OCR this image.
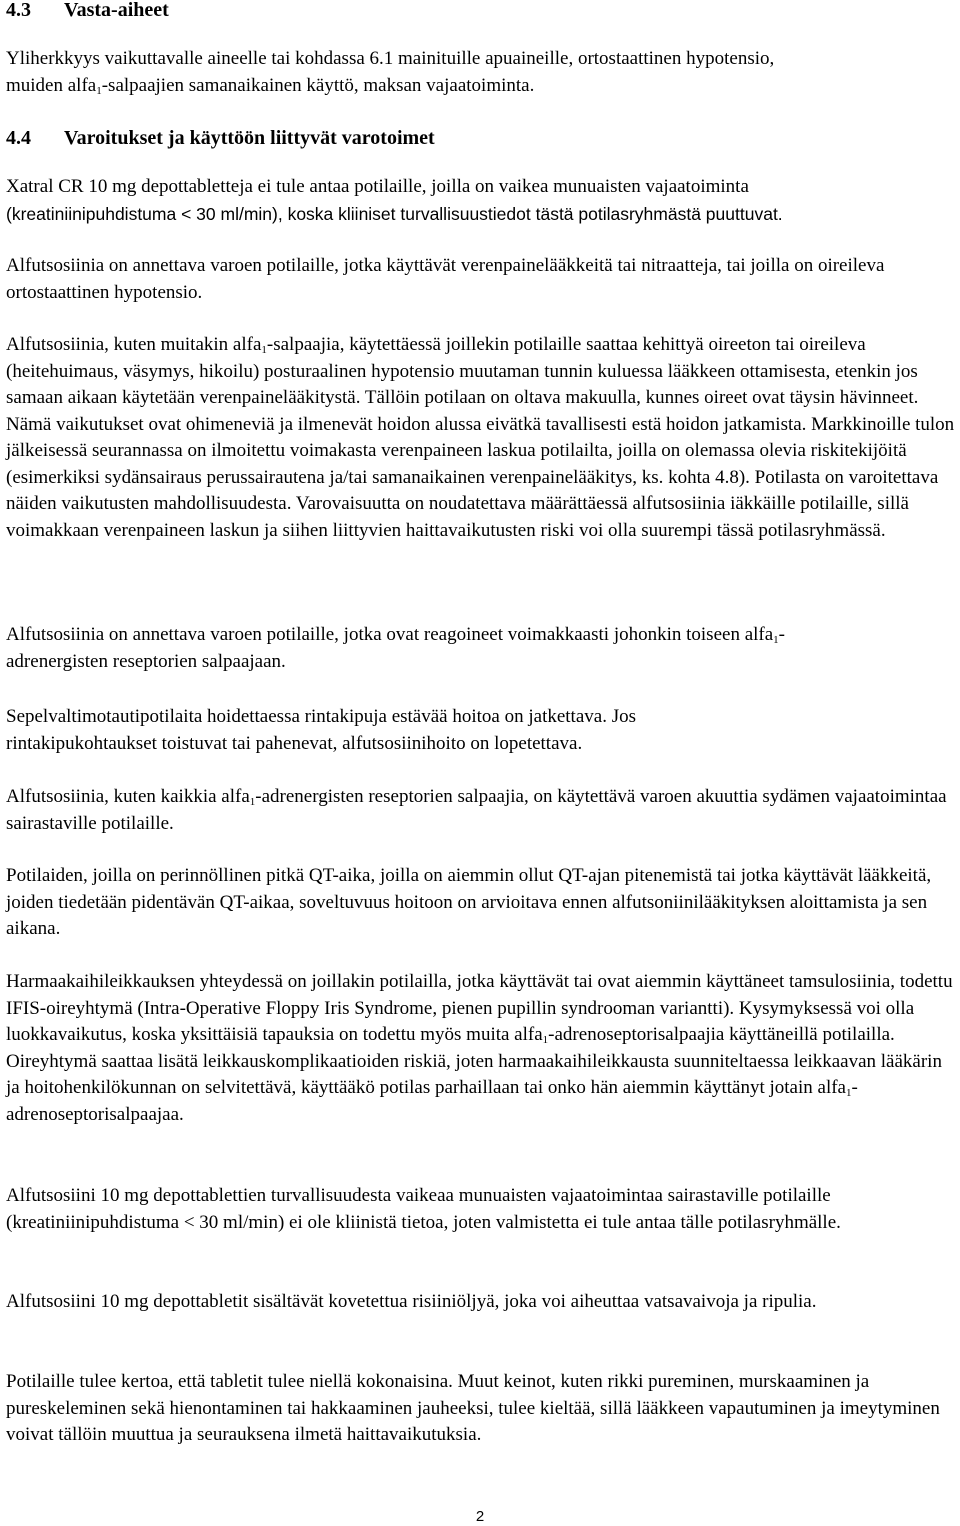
4.3 Vasta-aiheet

Yliherkkyys vaikuttavalle aineelle tai kohdassa 6.1 mainituille apuaineille, ortostaattinen hypotensio,
muiden alfa$_1$-salpaajien samanaikainen käyttö, maksan vajaatoiminta.

4.4 Varoitukset ja käyttöön liittyvät varotoimet

Xatral CR 10 mg depottabletteja ei tule antaa potilaille, joilla on vaikea munuaisten vajaatoiminta
(kreatiniinipuhdistuma < 30 ml/min), koska kliiniset turvallisuustiedot tästä potilasryhmästä puuttuvat.

Alfutsosiinia on annettava varoen potilaille, jotka käyttävät verenpainelääkkeitä tai nitraatteja, tai joilla on oireileva ortostaattinen hypotensio.

Alfutsosiinia, kuten muitakin alfa$_1$-salpaajia, käytettäessä joillekin potilaille saattaa kehittyä oireeton tai oireileva (heitehuimaus, väsymys, hikoilu) posturaalinen hypotensio muutaman tunnin kuluessa lääkkeen ottamisesta, etenkin jos samaan aikaan käytetään verenpainelääkitystä. Tällöin potilaan on oltava makuulla, kunnes oireet ovat täysin hävinneet. Nämä vaikutukset ovat ohimeneviä ja ilmenevät hoidon alussa eivätkä tavallisesti estä hoidon jatkamista. Markkinoille tulon jälkeisessä seurannassa on ilmoitettu voimakasta verenpaineen laskua potilailta, joilla on olemassa olevia riskitekijöitä (esimerkiksi sydänsairaus perussairautena ja/tai samanaikainen verenpainelääkitys, ks. kohta 4.8). Potilasta on varoitettava näiden vaikutusten mahdollisuudesta. Varovaisuutta on noudatettava määrättäessä alfutsosiinia iäkkäille potilaille, sillä voimakkaan verenpaineen laskun ja siihen liittyvien haittavaikutusten riski voi olla suurempi tässä potilasryhmässä.

Alfutsosiinia on annettava varoen potilaille, jotka ovat reagoineet voimakkaasti johonkin toiseen alfa$_1$-
adrenergisten reseptorien salpaajaan.

Sepelvaltimotautipotilaita hoidettaessa rintakipuja estävää hoitoa on jatkettava. Jos rintakipukohtaukset toistuvat tai pahenevat, alfutsosiinihoito on lopetettava.

Alfutsosiinia, kuten kaikkia alfa$_1$-adrenergisten reseptorien salpaajia, on käytettävä varoen akuuttia sydämen vajaatoimintaa sairastaville potilaille.

Potilaiden, joilla on perinnöllinen pitkä QT-aika, joilla on aiemmin ollut QT-ajan pitenemistä tai jotka käyttävät lääkkeitä, joiden tiedetään pidentävän QT-aikaa, soveltuvuus hoitoon on arvioitava ennen alfutsoniinilääkityksen aloittamista ja sen aikana.

Harmaakaihileikkauksen yhteydessä on joillakin potilailla, jotka käyttävät tai ovat aiemmin käyttäneet tamsulosiinia, todettu IFIS-oireyhtymä (Intra-Operative Floppy Iris Syndrome, pienen pupillin syndrooman variantti). Kysymyksessä voi olla luokkavaikutus, koska yksittäisiä tapauksia on todettu myös muita alfa$_1$-adrenoseptorisalpaajia käyttäneillä potilailla. Oireyhtymä saattaa lisätä leikkauskomplikaatioiden riskiä, joten harmaakaihileikkausta suunniteltaessa leikkaavan lääkärin ja hoitohenkilökunnan on selvitettävä, käyttääkö potilas parhaillaan tai onko hän aiemmin käyttänyt jotain alfa$_1$-adrenoseptorisalpaajaa.

Alfutsosiini 10 mg depottablettien turvallisuudesta vaikeaa munuaisten vajaatoimintaa sairastaville potilaille (kreatiniinipuhdistuma < 30 ml/min) ei ole kliinistä tietoa, joten valmistetta ei tule antaa tälle potilasryhmälle.

Alfutsosiini 10 mg depottabletit sisältävät kovetettua risiiniöljyä, joka voi aiheuttaa vatsavaivoja ja ripulia.

Potilaille tulee kertoa, että tabletit tulee niellä kokonaisina. Muut keinot, kuten rikki pureminen, murskaaminen ja pureskeleminen sekä hienontaminen tai hakkaaminen jauheeksi, tulee kieltää, sillä lääkkeen vapautuminen ja imeytyminen voivat tällöin muuttua ja seurauksena ilmetä haittavaikutuksia.

2
